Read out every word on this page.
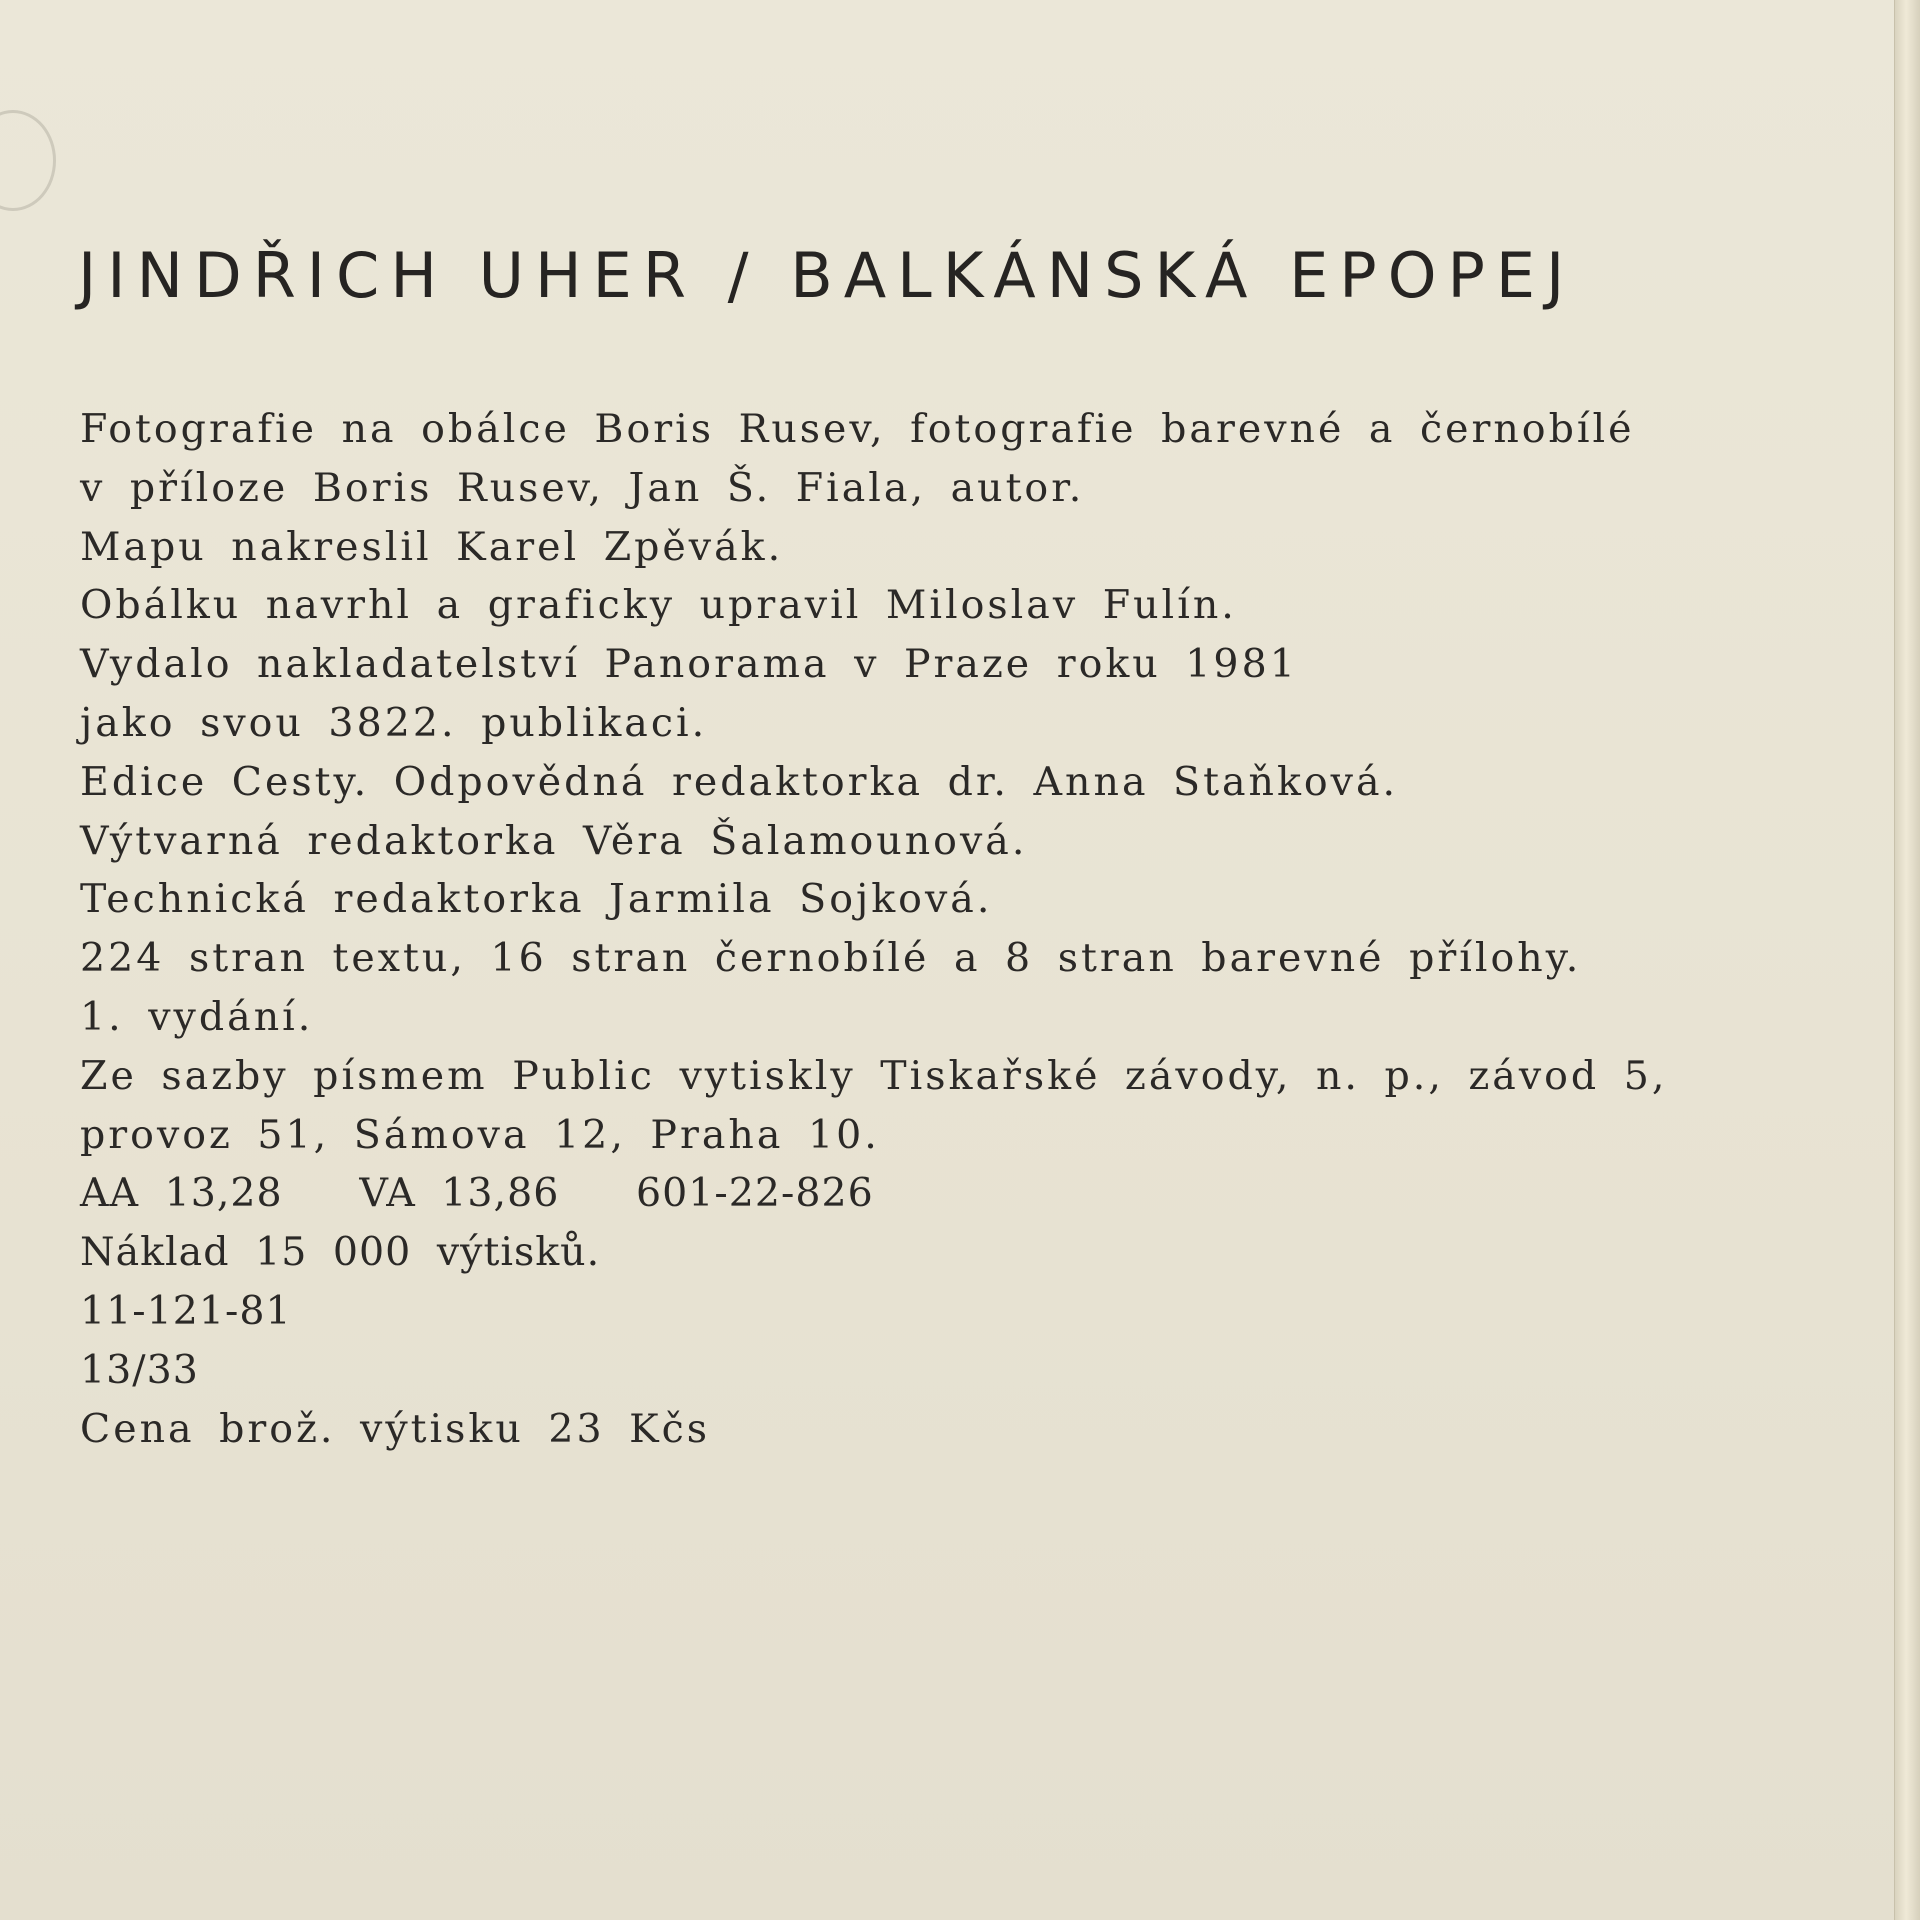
JINDŘICH UHER / BALKÁNSKÁ EPOPEJ
Fotografie na obálce Boris Rusev, fotografie barevné a černobílé
v příloze Boris Rusev, Jan Š. Fiala, autor.
Mapu nakreslil Karel Zpěvák.
Obálku navrhl a graficky upravil Miloslav Fulín.
Vydalo nakladatelství Panorama v Praze roku 1981
jako svou 3822. publikaci.
Edice Cesty. Odpovědná redaktorka dr. Anna Staňková.
Výtvarná redaktorka Věra Šalamounová.
Technická redaktorka Jarmila Sojková.
224 stran textu, 16 stran černobílé a 8 stran barevné přílohy.
1. vydání.
Ze sazby písmem Public vytiskly Tiskařské závody, n. p., závod 5,
provoz 51, Sámova 12, Praha 10.
AA 13,28   VA 13,86   601-22-826
Náklad 15 000 výtisků.
11-121-81
13/33
Cena brož. výtisku 23 Kčs
